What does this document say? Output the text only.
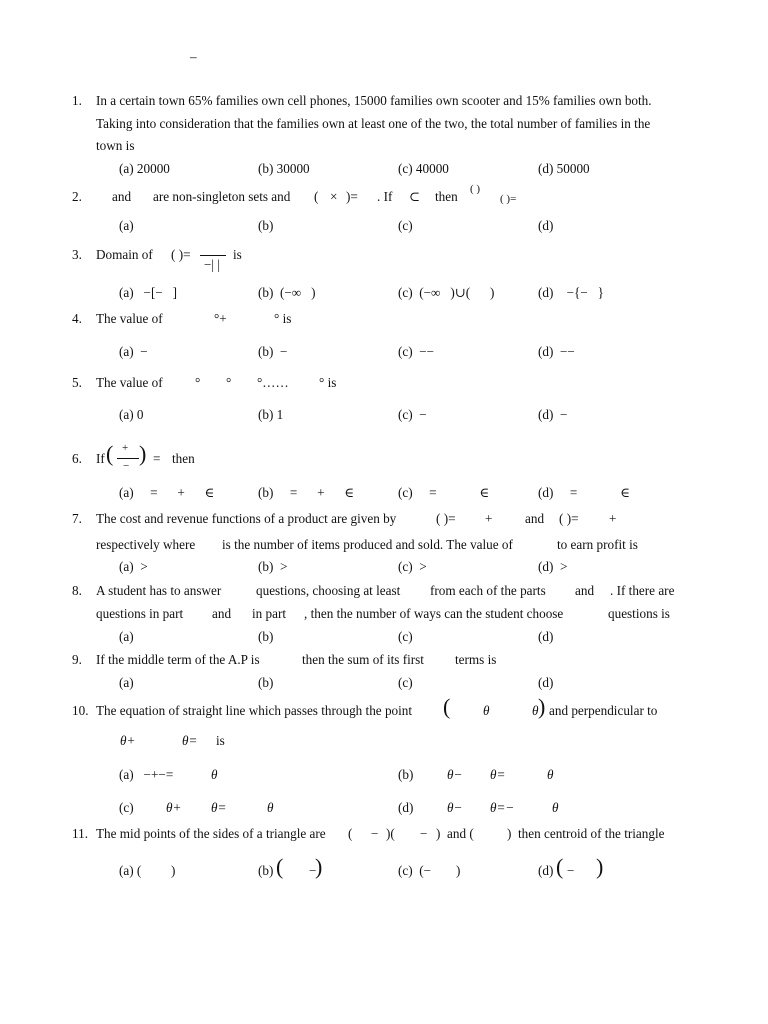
–
1. In a certain town 65% families own cell phones, 15000 families own scooter and 15% families own both.
Taking into consideration that the families own at least one of the two, the total number of families in the
town is
(a) 20000	(b) 30000	(c) 40000	(d) 50000
2. and are non-singleton sets and ( × )= . If ⊂ then ( )
( )=
(a)	(b)	(c)	(d)
3. Domain of ( )=
−| |
is
(a)   −[−   ]	(b)  (−∞   )	(c)  (−∞   )∪(      )	(d)    −{−   }
4. The value of	°+	° is
(a)  −	(b)  −	(c)  −−	(d)  −−
5. The value of ° ° °…… ° is
(a) 0	(b) 1	(c)  −	(d)  −
6. If ( +
− ) = then
(a)     =      +      ∈	(b)     =      +      ∈	(c)     =             ∈	(d)     =             ∈
7. The cost and revenue functions of a product are given by	( )= + and ( )= +
respectively where is the number of items produced and sold. The value of	to earn profit is
(a)  >	(b)  >	(c)  >	(d)  >
8. A student has to answer	questions, choosing at least from each of the parts and . If there are
questions in part and in part , then the number of ways can the student choose	questions is
(a)	(b)	(c)	(d)
9. If the middle term of the A.P is	then the sum of its first terms is
(a)	(b)	(c)	(d)
10. The equation of straight line which passes through the point ( θ	θ ) and perpendicular to
θ+	θ= is
(a)   −+−=	θ	(b)	θ− θ=	θ
(c) θ+ θ=	θ	(d)	θ− θ=−	θ
11. The mid points of the sides of a triangle are ( − )( − ) and (	) then centroid of the triangle
(a) ( )	(b) ( −
)	(c)  (− )	(d) ( − )
